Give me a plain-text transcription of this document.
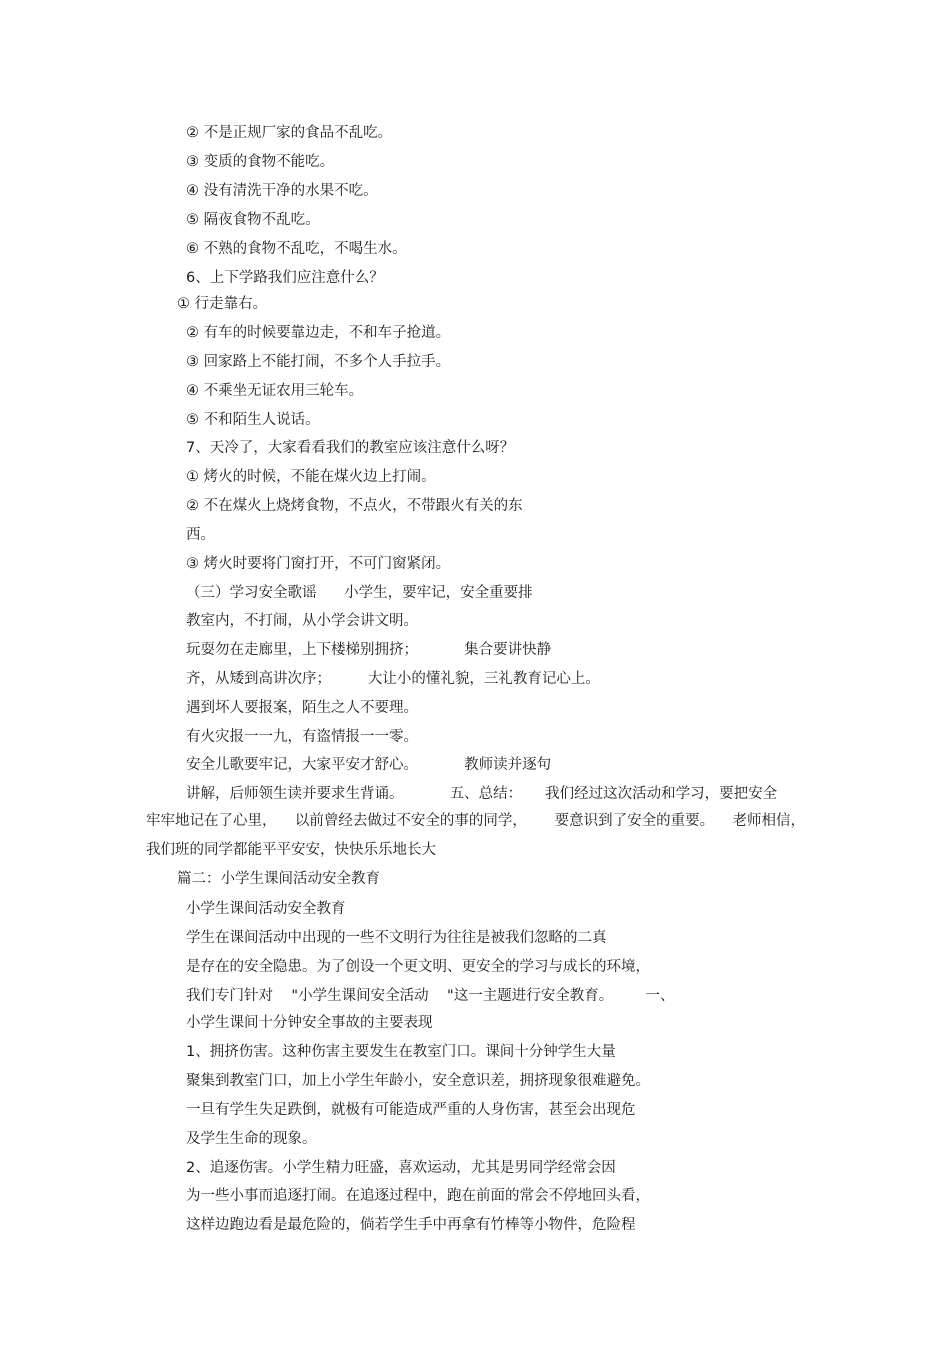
② 不是正规厂家的食品不乱吃。
③ 变质的食物不能吃。
④ 没有清洗干净的水果不吃。
⑤ 隔夜食物不乱吃。
⑥ 不熟的食物不乱吃，不喝生水。
6、上下学路我们应注意什么？
① 行走靠右。
② 有车的时候要靠边走，不和车子抢道。
③ 回家路上不能打闹，不多个人手拉手。
④ 不乘坐无证农用三轮车。
⑤ 不和陌生人说话。
7、天冷了，大家看看我们的教室应该注意什么呀？
① 烤火的时候，不能在煤火边上打闹。
② 不在煤火上烧烤食物，不点火，不带跟火有关的东
西。
③ 烤火时要将门窗打开，不可门窗紧闭。
（三）学习安全歌谣      小学生，要牢记，安全重要排
教室内，不打闹，从小学会讲文明。
玩耍勿在走廊里，上下楼梯别拥挤；          集合要讲快静
齐，从矮到高讲次序；        大让小的懂礼貌，三礼教育记心上。
遇到坏人要报案，陌生之人不要理。
有火灾报一一九，有盗情报一一零。
安全儿歌要牢记，大家平安才舒心。          教师读并逐句
讲解，后师领生读并要求生背诵。          五、总结：     我们经过这次活动和学习，要把安全
牢牢地记在了心里，    以前曾经去做过不安全的事的同学，      要意识到了安全的重要。    老师相信，
我们班的同学都能平平安安，快快乐乐地长大
篇二：小学生课间活动安全教育
小学生课间活动安全教育
学生在课间活动中出现的一些不文明行为往往是被我们忽略的二真
是存在的安全隐患。为了创设一个更文明、更安全的学习与成长的环境，
我们专门针对    "小学生课间安全活动    "这一主题进行安全教育。       一、
小学生课间十分钟安全事故的主要表现
1、拥挤伤害。这种伤害主要发生在教室门口。课间十分钟学生大量
聚集到教室门口，加上小学生年龄小，安全意识差，拥挤现象很难避免。
一旦有学生失足跌倒，就极有可能造成严重的人身伤害，甚至会出现危
及学生生命的现象。
2、追逐伤害。小学生精力旺盛，喜欢运动，尤其是男同学经常会因
为一些小事而追逐打闹。在追逐过程中，跑在前面的常会不停地回头看，
这样边跑边看是最危险的，倘若学生手中再拿有竹棒等小物件，危险程
